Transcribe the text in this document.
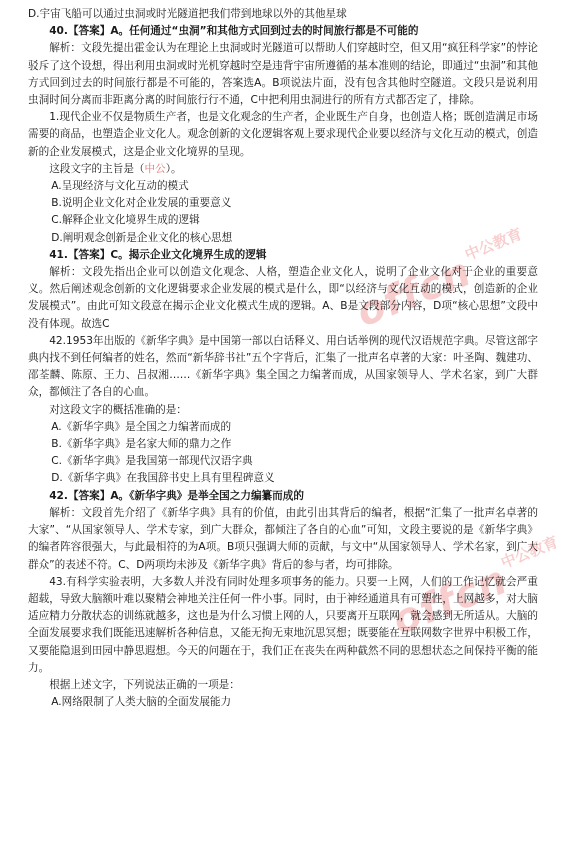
offcn中公教育
offcn中公教育

D.宇宙飞船可以通过虫洞或时光隧道把我们带到地球以外的其他星球

40.【答案】A。任何通过“虫洞”和其他方式回到过去的时间旅行都是不可能的

解析：文段先提出霍金认为在理论上虫洞或时光隧道可以帮助人们穿越时空，但又用“疯狂科学家”的悖论驳斥了这个设想，得出利用虫洞或时光机穿越时空是违背宇宙所遵循的基本准则的结论，即通过“虫洞”和其他方式回到过去的时间旅行都是不可能的，答案选A。B项说法片面，没有包含其他时空隧道。文段只是说利用虫洞时间分离而非距离分离的时间旅行行不通，C中把利用虫洞进行的所有方式都否定了，排除。

1.现代企业不仅是物质生产者，也是文化观念的生产者，企业既生产自身，也创造人格；既创造满足市场需要的商品，也塑造企业文化人。观念创新的文化逻辑客观上要求现代企业要以经济与文化互动的模式，创造新的企业发展模式，这是企业文化境界的呈现。

这段文字的主旨是（中公）。

A.呈现经济与文化互动的模式

B.说明企业文化对企业发展的重要意义

C.解释企业文化境界生成的逻辑

D.阐明观念创新是企业文化的核心思想

41.【答案】C。揭示企业文化境界生成的逻辑

解析：文段先指出企业可以创造文化观念、人格，塑造企业文化人，说明了企业文化对于企业的重要意义。然后阐述观念创新的文化逻辑要求企业发展的模式是什么，即“以经济与文化互动的模式，创造新的企业发展模式”。由此可知文段意在揭示企业文化模式生成的逻辑。A、B是文段部分内容，D项“核心思想”文段中没有体现。故选C

42.1953年出版的《新华字典》是中国第一部以白话释义、用白话举例的现代汉语规范字典。尽管这部字典内找不到任何编者的姓名，然而“新华辞书社”五个字背后，汇集了一批声名卓著的大家：叶圣陶、魏建功、邵荃麟、陈原、王力、吕叔湘……《新华字典》集全国之力编著而成，从国家领导人、学术名家，到广大群众，都倾注了各自的心血。

对这段文字的概括准确的是：

A.《新华字典》是全国之力编著而成的

B.《新华字典》是名家大师的鼎力之作

C.《新华字典》是我国第一部现代汉语字典

D.《新华字典》在我国辞书史上具有里程碑意义

42.【答案】A。《新华字典》是举全国之力编纂而成的

解析：文段首先介绍了《新华字典》具有的价值，由此引出其背后的编者，根据“汇集了一批声名卓著的大家”、“从国家领导人、学术专家，到广大群众，都倾注了各自的心血”可知，文段主要说的是《新华字典》的编者阵容很强大，与此最相符的为A项。B项只强调大师的贡献，与文中“从国家领导人、学术名家，到广大群众”的表述不符。C、D两项均未涉及《新华字典》背后的参与者，均可排除。

43.有科学实验表明，大多数人并没有同时处理多项事务的能力。只要一上网，人们的工作记忆就会严重超载，导致大脑额叶难以聚精会神地关注任何一件小事。同时，由于神经通道具有可塑性，上网越多，对大脑适应精力分散状态的训练就越多，这也是为什么习惯上网的人，只要离开互联网，就会感到无所适从。大脑的全面发展要求我们既能迅速解析各种信息，又能无拘无束地沉思冥想；既要能在互联网数字世界中积极工作，又要能隐退到田园中静思遐想。今天的问题在于，我们正在丧失在两种截然不同的思想状态之间保持平衡的能力。

根据上述文字，下列说法正确的一项是：

A.网络限制了人类大脑的全面发展能力
